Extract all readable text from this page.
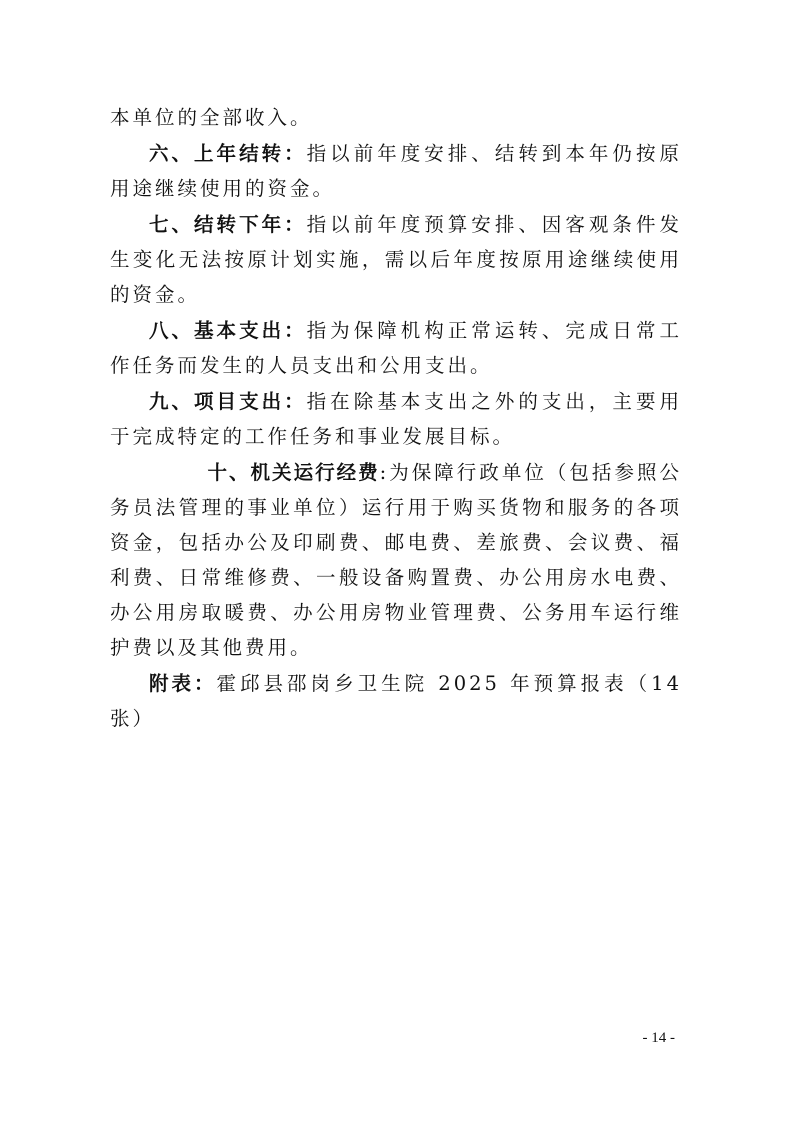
本单位的全部收入。

六、上年结转：指以前年度安排、结转到本年仍按原用途继续使用的资金。

七、结转下年：指以前年度预算安排、因客观条件发生变化无法按原计划实施，需以后年度按原用途继续使用的资金。

八、基本支出：指为保障机构正常运转、完成日常工作任务而发生的人员支出和公用支出。

九、项目支出：指在除基本支出之外的支出，主要用于完成特定的工作任务和事业发展目标。

十、机关运行经费:为保障行政单位（包括参照公务员法管理的事业单位）运行用于购买货物和服务的各项资金，包括办公及印刷费、邮电费、差旅费、会议费、福利费、日常维修费、一般设备购置费、办公用房水电费、办公用房取暖费、办公用房物业管理费、公务用车运行维护费以及其他费用。

附表：霍邱县邵岗乡卫生院 2025 年预算报表（14 张）

- 14 -
